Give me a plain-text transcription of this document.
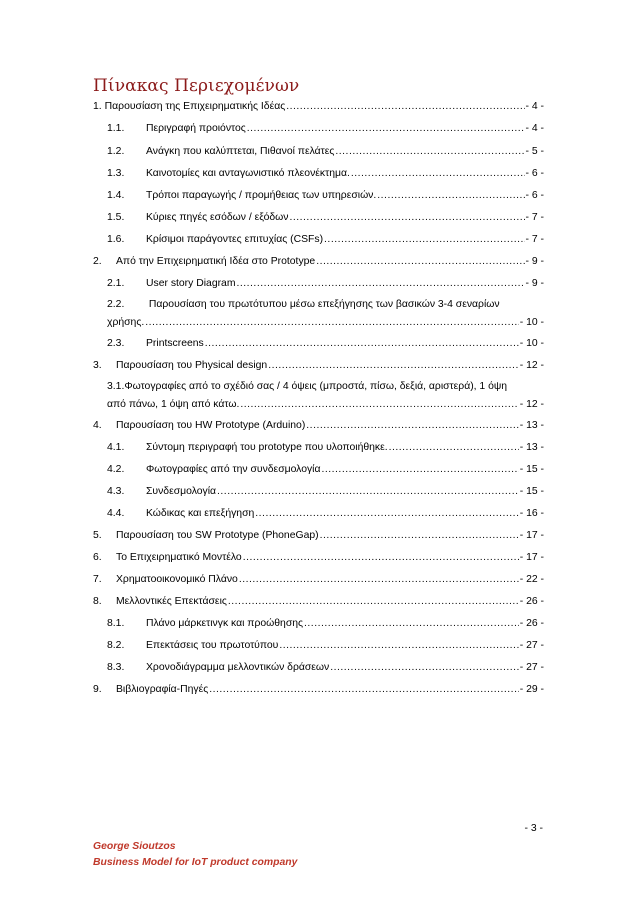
Πίνακας Περιεχομένων
1. Παρουσίαση της Επιχειρηματικής Ιδέας .....	- 4 -
1.1.	Περιγραφή προιόντος .....	- 4 -
1.2.	Ανάγκη που καλύπτεται, Πιθανοί πελάτες .....	- 5 -
1.3.	Καινοτομίες και ανταγωνιστικό πλεονέκτημα. .....	- 6 -
1.4.	Τρόποι παραγωγής / προμήθειας των υπηρεσιών. .....	- 6 -
1.5.	Κύριες πηγές εσόδων / εξόδων .....	- 7 -
1.6.	Κρίσιμοι παράγοντες επιτυχίας (CSFs) .....	- 7 -
2.	Από την Επιχειρηματική Ιδέα στο Prototype .....	- 9 -
2.1.	User story Diagram .....	- 9 -
2.2. Παρουσίαση του πρωτότυπου μέσω επεξήγησης των βασικών 3-4 σεναρίων
χρήσης. .....	- 10 -
2.3.	Printscreens .....	- 10 -
3.	Παρουσίαση του Physical design .....	- 12 -
3.1.Φωτογραφίες από το σχέδιό σας / 4 όψεις (μπροστά, πίσω, δεξιά, αριστερά), 1 όψη
από πάνω, 1 όψη από κάτω. .....	- 12 -
4.	Παρουσίαση του HW Prototype (Arduino) .....	- 13 -
4.1.	Σύντομη περιγραφή του prototype που υλοποιήθηκε. .....	- 13 -
4.2.	Φωτογραφίες από την συνδεσμολογία .....	- 15 -
4.3.	Συνδεσμολογία .....	- 15 -
4.4.	Κώδικας και επεξήγηση .....	- 16 -
5.	Παρουσίαση του SW Prototype (PhoneGap) .....	- 17 -
6.	Το Επιχειρηματικό Μοντέλο .....	- 17 -
7.	Χρηματοοικονομικό Πλάνο .....	- 22 -
8.	Μελλοντικές Επεκτάσεις .....	- 26 -
8.1.	Πλάνο μάρκετινγκ και προώθησης .....	- 26 -
8.2.	Επεκτάσεις του πρωτοτύπου .....	- 27 -
8.3.	Χρονοδιάγραμμα μελλοντικών δράσεων .....	- 27 -
9.	Βιβλιογραφία-Πηγές .....	- 29 -
- 3 -
George Sioutzos
Business Model for IoT product company
